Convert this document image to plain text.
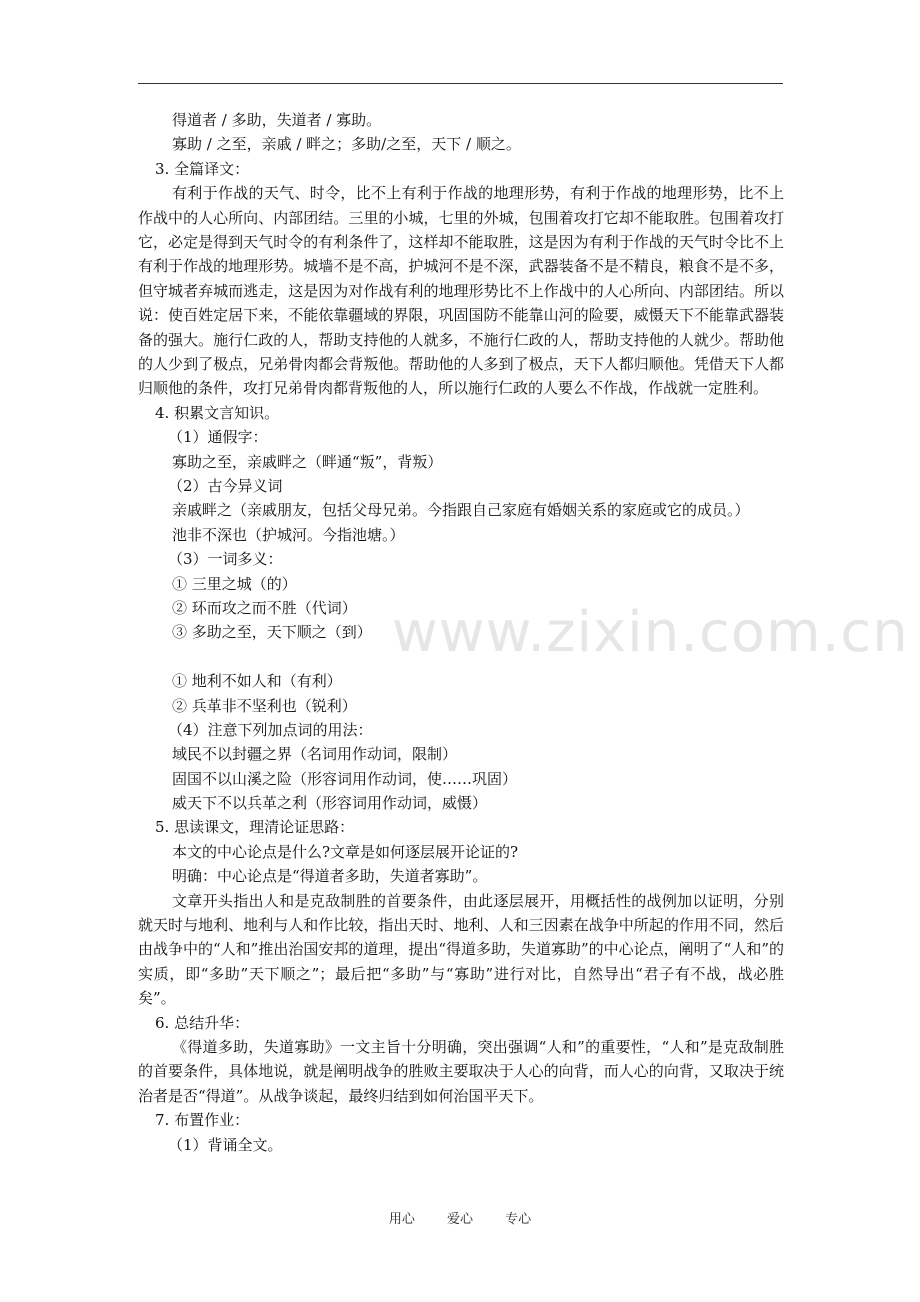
www.zixin.com.cn
得道者 / 多助，失道者 / 寡助。
寡助 / 之至，亲戚 / 畔之；多助/之至，天下 / 顺之。
3. 全篇译文：

有利于作战的天气、时令，比不上有利于作战的地理形势，有利于作战的地理形势，比不上作战中的人心所向、内部团结。三里的小城，七里的外城，包围着攻打它却不能取胜。包围着攻打它，必定是得到天气时令的有利条件了，这样却不能取胜，这是因为有利于作战的天气时令比不上有利于作战的地理形势。城墙不是不高，护城河不是不深，武器装备不是不精良，粮食不是不多，但守城者弃城而逃走，这是因为对作战有利的地理形势比不上作战中的人心所向、内部团结。所以说：使百姓定居下来，不能依靠疆域的界限，巩固国防不能靠山河的险要，威慑天下不能靠武器装备的强大。施行仁政的人，帮助支持他的人就多，不施行仁政的人，帮助支持他的人就少。帮助他的人少到了极点，兄弟骨肉都会背叛他。帮助他的人多到了极点，天下人都归顺他。凭借天下人都归顺他的条件，攻打兄弟骨肉都背叛他的人，所以施行仁政的人要么不作战，作战就一定胜利。

4. 积累文言知识。
（1）通假字：
寡助之至，亲戚畔之（畔通“叛”，背叛）
（2）古今异义词
亲戚畔之（亲戚朋友，包括父母兄弟。今指跟自己家庭有婚姻关系的家庭或它的成员。）
池非不深也（护城河。今指池塘。）
（3）一词多义：
① 三里之城（的）
② 环而攻之而不胜（代词）
③ 多助之至，天下顺之（到）
① 地利不如人和（有利）
② 兵革非不坚利也（锐利）
（4）注意下列加点词的用法：
域民不以封疆之界（名词用作动词，限制）
固国不以山溪之险（形容词用作动词，使……巩固）
威天下不以兵革之利（形容词用作动词，威慑）
5. 思读课文，理清论证思路：
本文的中心论点是什么?文章是如何逐层展开论证的?
明确：中心论点是“得道者多助，失道者寡助”。

文章开头指出人和是克敌制胜的首要条件，由此逐层展开，用概括性的战例加以证明，分别就天时与地利、地利与人和作比较，指出天时、地利、人和三因素在战争中所起的作用不同，然后由战争中的“人和”推出治国安邦的道理，提出“得道多助，失道寡助”的中心论点，阐明了“人和”的实质，即“多助”天下顺之”；最后把“多助”与“寡助”进行对比，自然导出“君子有不战，战必胜矣”。

6. 总结升华：

《得道多助，失道寡助》一文主旨十分明确，突出强调“人和”的重要性，“人和”是克敌制胜的首要条件，具体地说，就是阐明战争的胜败主要取决于人心的向背，而人心的向背，又取决于统治者是否“得道”。从战争谈起，最终归结到如何治国平天下。

7. 布置作业：
（1）背诵全文。
用心 爱心 专心
